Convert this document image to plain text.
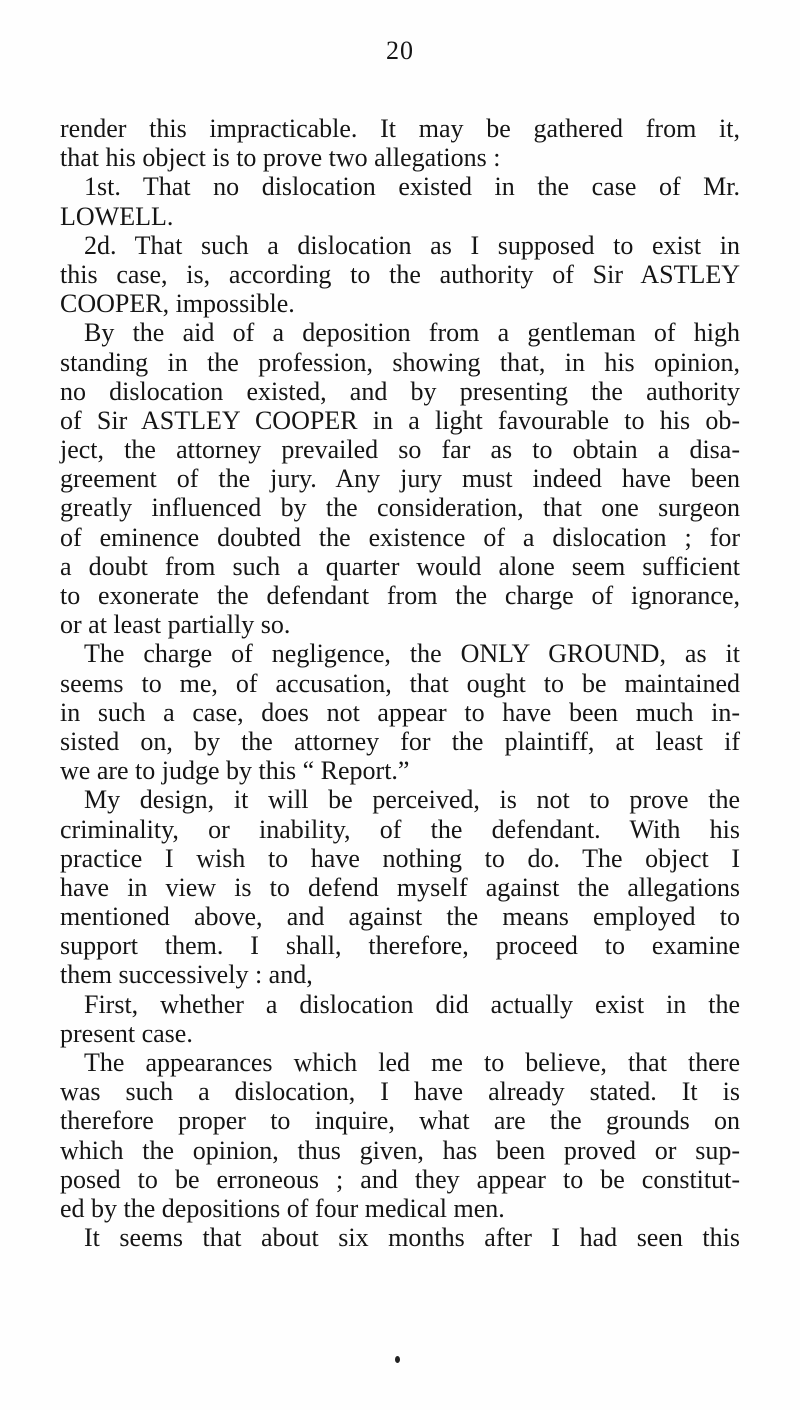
20
render this impracticable. It may be gathered from it,
that his object is to prove two allegations :
1st. That no dislocation existed in the case of Mr.
LOWELL.
2d. That such a dislocation as I supposed to exist in
this case, is, according to the authority of Sir ASTLEY
COOPER, impossible.
By the aid of a deposition from a gentleman of high
standing in the profession, showing that, in his opinion,
no dislocation existed, and by presenting the authority
of Sir ASTLEY COOPER in a light favourable to his ob-
ject, the attorney prevailed so far as to obtain a disa-
greement of the jury. Any jury must indeed have been
greatly influenced by the consideration, that one surgeon
of eminence doubted the existence of a dislocation ; for
a doubt from such a quarter would alone seem sufficient
to exonerate the defendant from the charge of ignorance,
or at least partially so.
The charge of negligence, the ONLY GROUND, as it
seems to me, of accusation, that ought to be maintained
in such a case, does not appear to have been much in-
sisted on, by the attorney for the plaintiff, at least if
we are to judge by this “ Report.”
My design, it will be perceived, is not to prove the
criminality, or inability, of the defendant. With his
practice I wish to have nothing to do. The object I
have in view is to defend myself against the allegations
mentioned above, and against the means employed to
support them. I shall, therefore, proceed to examine
them successively : and,
First, whether a dislocation did actually exist in the
present case.
The appearances which led me to believe, that there
was such a dislocation, I have already stated. It is
therefore proper to inquire, what are the grounds on
which the opinion, thus given, has been proved or sup-
posed to be erroneous ; and they appear to be constitut-
ed by the depositions of four medical men.
It seems that about six months after I had seen this
